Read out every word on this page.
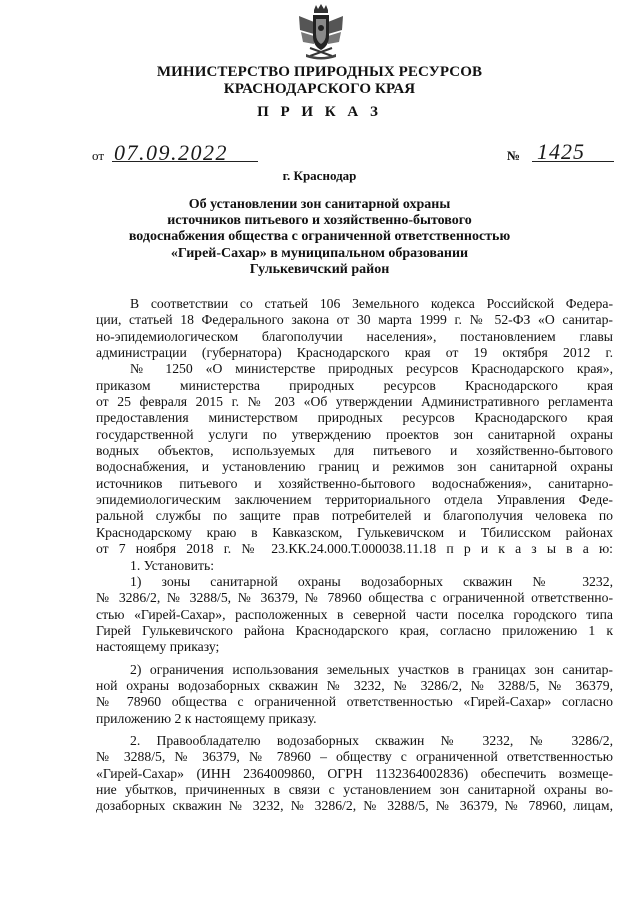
МИНИСТЕРСТВО ПРИРОДНЫХ РЕСУРСОВ
КРАСНОДАРСКОГО КРАЯ
П Р И К А З
от 07.09.2022	№ 1425
г. Краснодар
Об установлении зон санитарной охраны
источников питьевого и хозяйственно-бытового
водоснабжения общества с ограниченной ответственностью
«Гирей-Сахар» в муниципальном образовании
Гулькевичский район
В соответствии со статьей 106 Земельного кодекса Российской Федера-
ции, статьей 18 Федерального закона от 30 марта 1999 г. № 52-ФЗ «О санитар-
но-эпидемиологическом благополучии населения», постановлением главы
администрации (губернатора) Краснодарского края от 19 октября 2012 г.
№ 1250 «О министерстве природных ресурсов Краснодарского края»,
приказом министерства природных ресурсов Краснодарского края
от 25 февраля 2015 г. № 203 «Об утверждении Административного регламента
предоставления министерством природных ресурсов Краснодарского края
государственной услуги по утверждению проектов зон санитарной охраны
водных объектов, используемых для питьевого и хозяйственно-бытового
водоснабжения, и установлению границ и режимов зон санитарной охраны
источников питьевого и хозяйственно-бытового водоснабжения», санитарно-
эпидемиологическим заключением территориального отдела Управления Феде-
ральной службы по защите прав потребителей и благополучия человека по
Краснодарскому краю в Кавказском, Гулькевичском и Тбилисском районах
от 7 ноября 2018 г. № 23.КК.24.000.Т.000038.11.18 п р и к а з ы в а ю:
1. Установить:
1) зоны санитарной охраны водозаборных скважин № 3232,
№ 3286/2, № 3288/5, № 36379, № 78960 общества с ограниченной ответственно-
стью «Гирей-Сахар», расположенных в северной части поселка городского типа
Гирей Гулькевичского района Краснодарского края, согласно приложению 1 к
настоящему приказу;
2) ограничения использования земельных участков в границах зон санитар-
ной охраны водозаборных скважин № 3232, № 3286/2, № 3288/5, № 36379,
№ 78960 общества с ограниченной ответственностью «Гирей-Сахар» согласно
приложению 2 к настоящему приказу.
2. Правообладателю водозаборных скважин № 3232, № 3286/2,
№ 3288/5, № 36379, № 78960 – обществу с ограниченной ответственностью
«Гирей-Сахар» (ИНН 2364009860, ОГРН 1132364002836) обеспечить возмеще-
ние убытков, причиненных в связи с установлением зон санитарной охраны во-
дозаборных скважин № 3232, № 3286/2, № 3288/5, № 36379, № 78960, лицам,
